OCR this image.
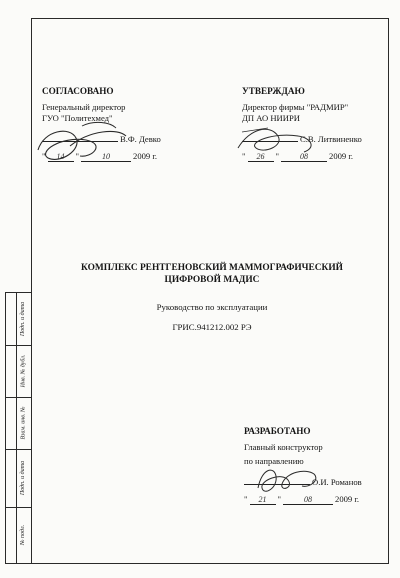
Подп. и дата
Инв. № дубл.
Взам. инв. №
Подп. и дата
№ подл.
СОГЛАСОВАНО
Генеральный директор
ГУО "Политехмед"
В.Ф. Девко
"	14	"	10	2009 г.
УТВЕРЖДАЮ
Директор фирмы "РАДМИР"
ДП АО НИИРИ
С.В. Литвиненко
"	26	"	08	2009 г.
КОМПЛЕКС РЕНТГЕНОВСКИЙ МАММОГРАФИЧЕСКИЙ
ЦИФРОВОЙ МАДИС
Руководство по эксплуатации
ГРИС.941212.002 РЭ
РАЗРАБОТАНО
Главный конструктор
по направлению
О.И. Романов
"	21	"	08	2009 г.
